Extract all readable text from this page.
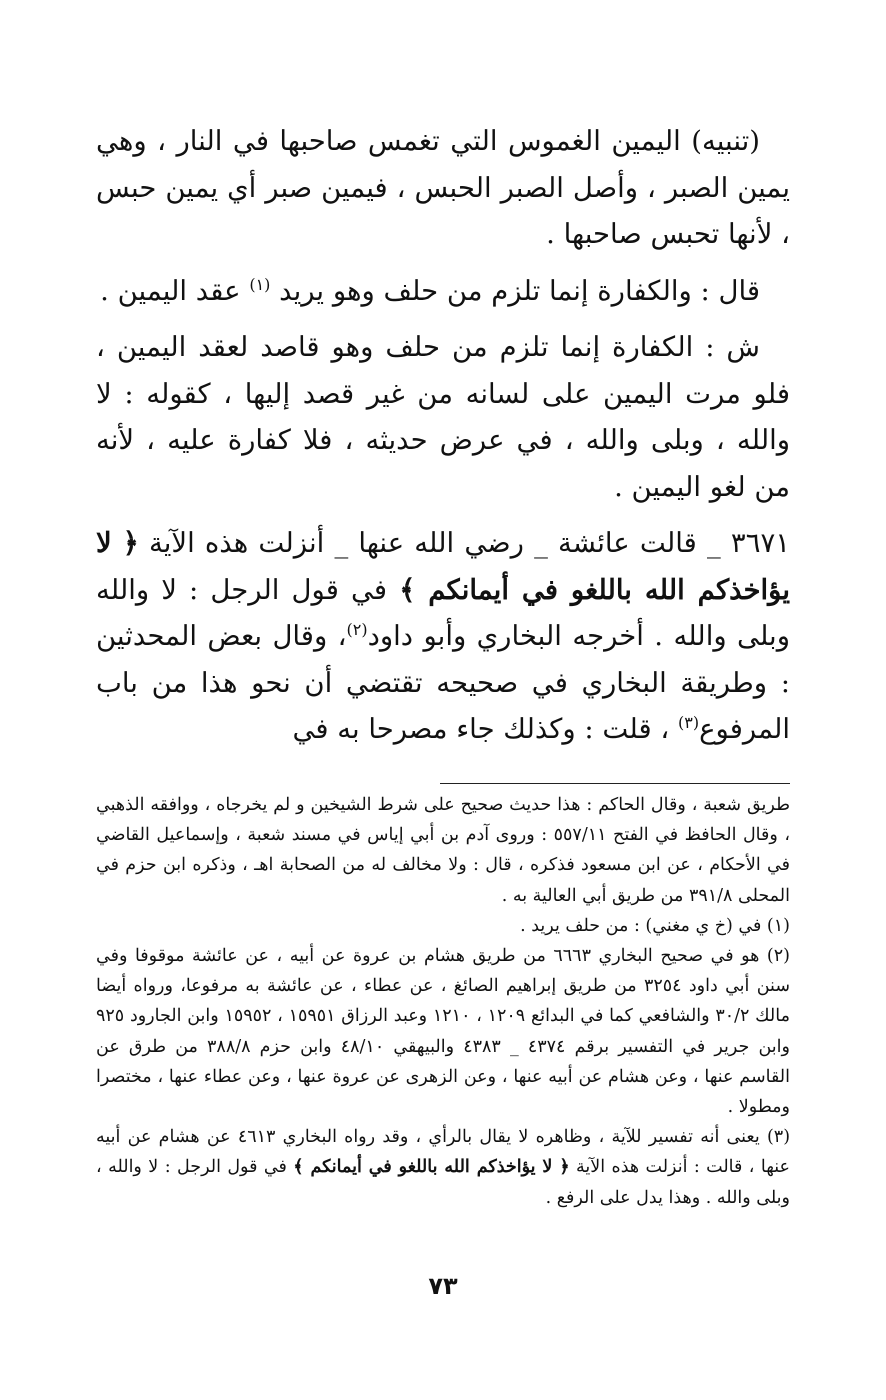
(تنبيه) اليمين الغموس التي تغمس صاحبها في النار ، وهي يمين الصبر ، وأصل الصبر الحبس ، فيمين صبر أي يمين حبس ، لأنها تحبس صاحبها .

قال : والكفارة إنما تلزم من حلف وهو يريد $^{(١)}$ عقد اليمين .

ش : الكفارة إنما تلزم من حلف وهو قاصد لعقد اليمين ، فلو مرت اليمين على لسانه من غير قصد إليها ، كقوله : لا والله ، وبلى والله ، في عرض حديثه ، فلا كفارة عليه ، لأنه من لغو اليمين .

٣٦٧١ _ قالت عائشة _ رضي الله عنها _ أنزلت هذه الآية ﴿ لا يؤاخذكم الله باللغو في أيمانكم ﴾ في قول الرجل : لا والله وبلى والله . أخرجه البخاري وأبو داود$^{(٢)}$، وقال بعض المحدثين : وطريقة البخاري في صحيحه تقتضي أن نحو هذا من باب المرفوع$^{(٣)}$ ، قلت : وكذلك جاء مصرحا به في

طريق شعبة ، وقال الحاكم : هذا حديث صحيح على شرط الشيخين و لم يخرجاه ، ووافقه الذهبي ، وقال الحافظ في الفتح ٥٥٧/١١ : وروى آدم بن أبي إياس في مسند شعبة ، وإسماعيل القاضي في الأحكام ، عن ابن مسعود فذكره ، قال : ولا مخالف له من الصحابة اهـ ، وذكره ابن حزم في المحلى ٣٩١/٨ من طريق أبي العالية به .

(١) في (خ ي مغني) : من حلف يريد .

(٢) هو في صحيح البخاري ٦٦٦٣ من طريق هشام بن عروة عن أبيه ، عن عائشة موقوفا وفي سنن أبي داود ٣٢٥٤ من طريق إبراهيم الصائغ ، عن عطاء ، عن عائشة به مرفوعا، ورواه أيضا مالك ٣٠/٢ والشافعي كما في البدائع ١٢٠٩ ، ١٢١٠ وعبد الرزاق ١٥٩٥١ ، ١٥٩٥٢ وابن الجارود ٩٢٥ وابن جرير في التفسير برقم ٤٣٧٤ _ ٤٣٨٣ والبيهقي ٤٨/١٠ وابن حزم ٣٨٨/٨ من طرق عن القاسم عنها ، وعن هشام عن أبيه عنها ، وعن الزهرى عن عروة عنها ، وعن عطاء عنها ، مختصرا ومطولا .

(٣) يعنى أنه تفسير للآية ، وظاهره لا يقال بالرأي ، وقد رواه البخاري ٤٦١٣ عن هشام عن أبيه عنها ، قالت : أنزلت هذه الآية ﴿ لا يؤاخذكم الله باللغو في أيمانكم ﴾ في قول الرجل : لا والله ، وبلى والله . وهذا يدل على الرفع .

٧٣
